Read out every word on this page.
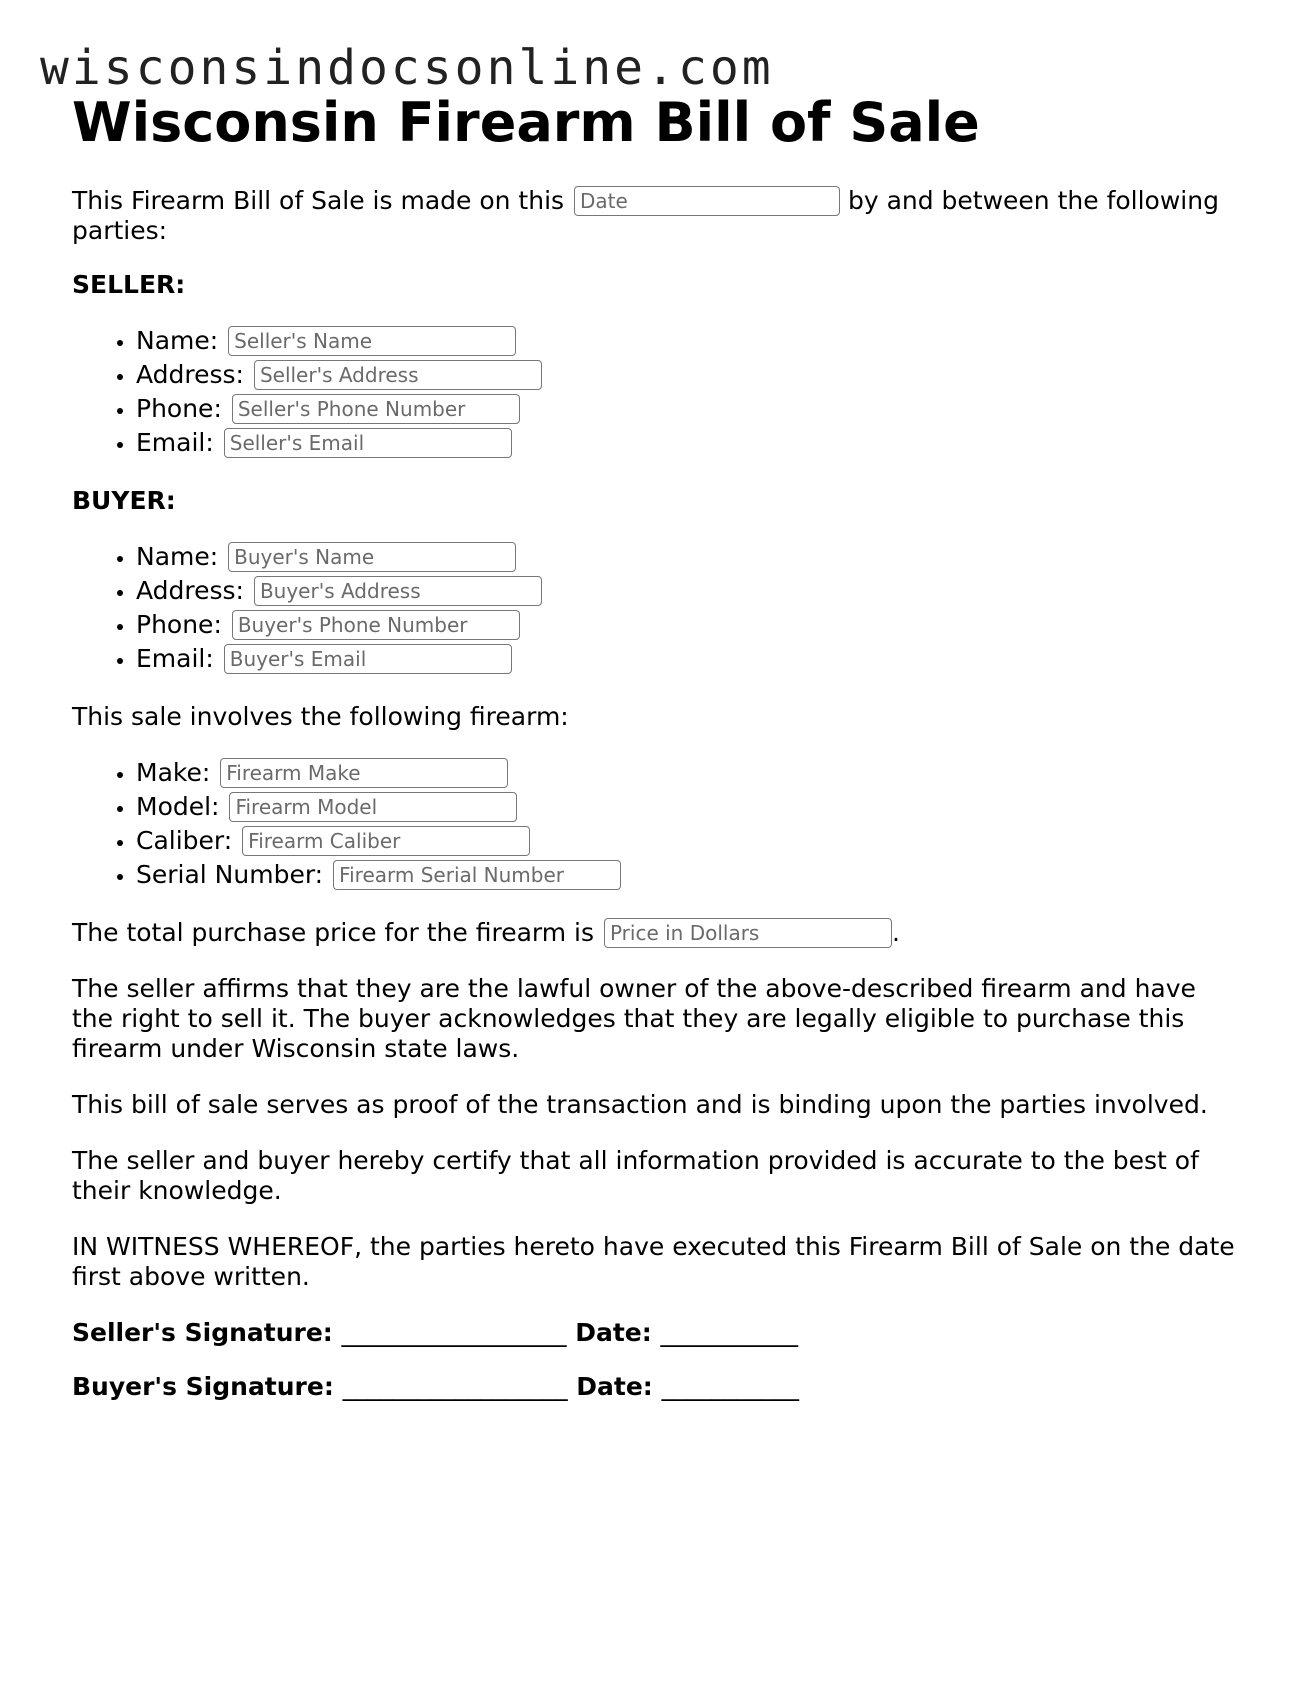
wisconsindocsonline.com
Wisconsin Firearm Bill of Sale

This Firearm Bill of Sale is made on this Date	by and between the following parties:

SELLER:

• Name: Seller's Name
• Address: Seller's Address
• Phone: Seller's Phone Number
• Email: Seller's Email

BUYER:

• Name: Buyer's Name
• Address: Buyer's Address
• Phone: Buyer's Phone Number
• Email: Buyer's Email

This sale involves the following firearm:

• Make: Firearm Make
• Model: Firearm Model
• Caliber: Firearm Caliber
• Serial Number: Firearm Serial Number

The total purchase price for the firearm is Price in Dollars	.

The seller affirms that they are the lawful owner of the above-described firearm and have the right to sell it. The buyer acknowledges that they are legally eligible to purchase this firearm under Wisconsin state laws.

This bill of sale serves as proof of the transaction and is binding upon the parties involved.

The seller and buyer hereby certify that all information provided is accurate to the best of their knowledge.

IN WITNESS WHEREOF, the parties hereto have executed this Firearm Bill of Sale on the date first above written.

Seller's Signature: __________________ Date: ___________

Buyer's Signature: __________________ Date: ___________
